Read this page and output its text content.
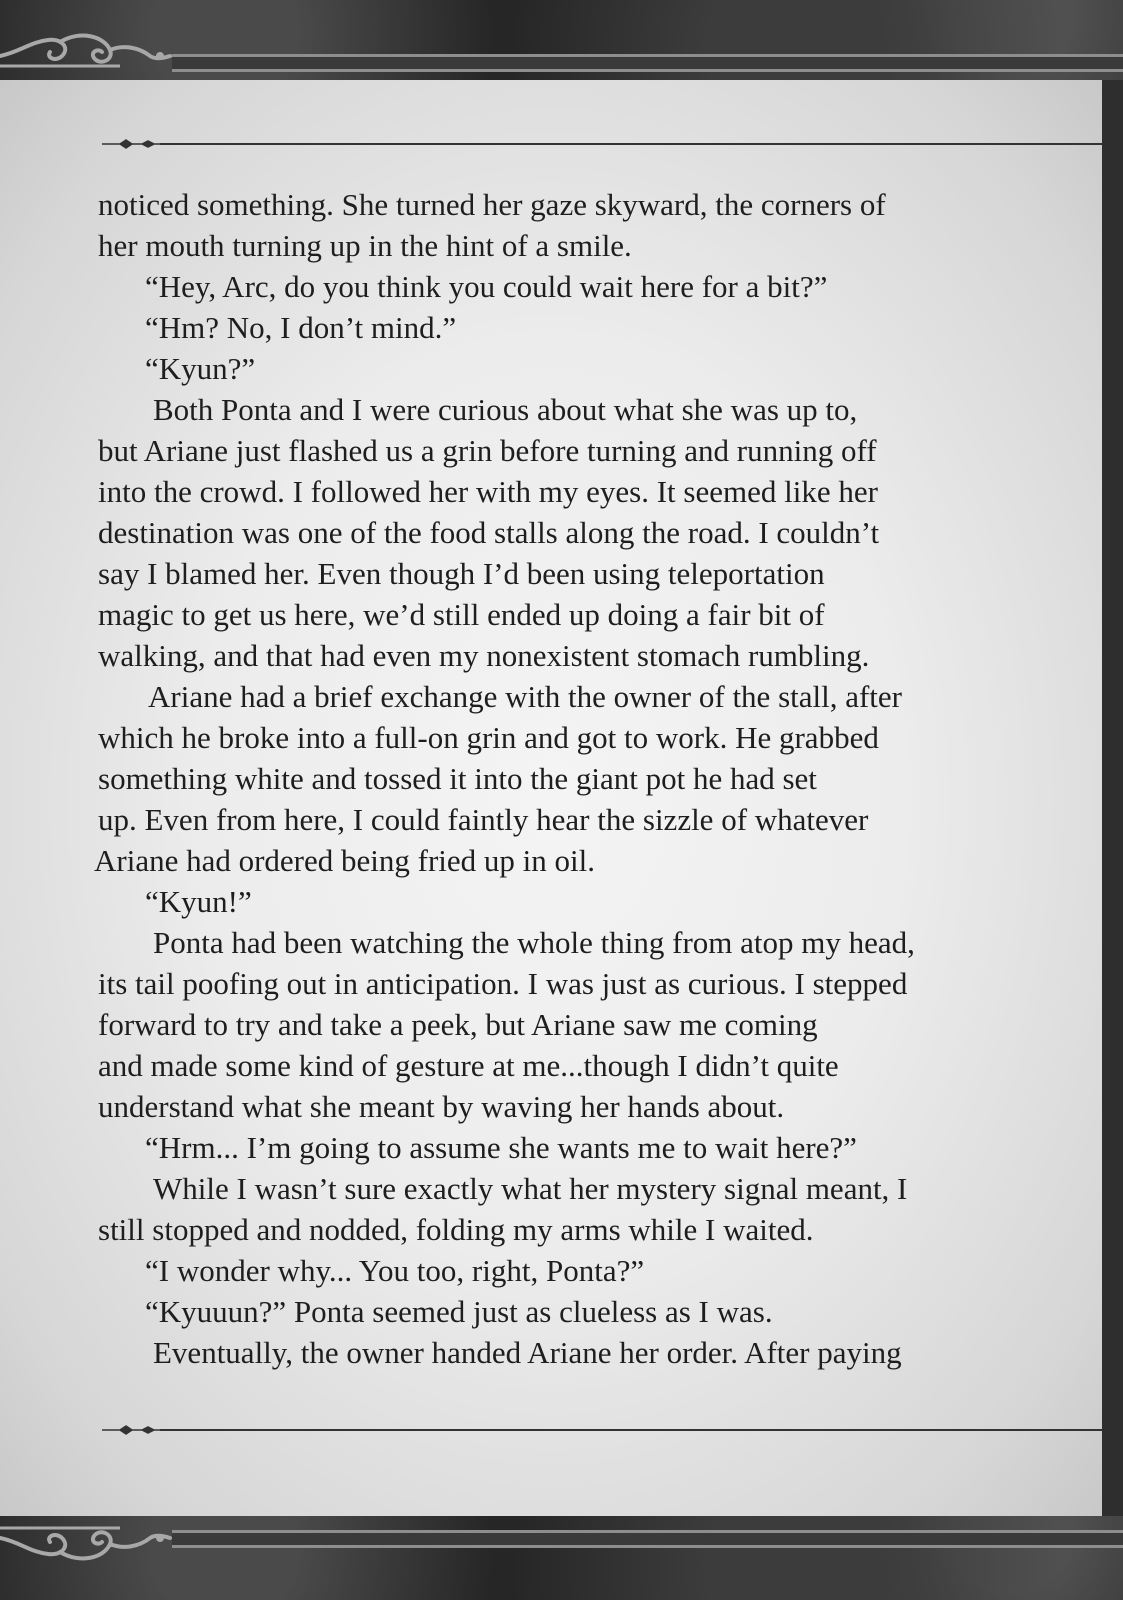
noticed something. She turned her gaze skyward, the corners of
her mouth turning up in the hint of a smile.
“Hey, Arc, do you think you could wait here for a bit?”
“Hm? No, I don’t mind.”
“Kyun?”
Both Ponta and I were curious about what she was up to,
but Ariane just flashed us a grin before turning and running off
into the crowd. I followed her with my eyes. It seemed like her
destination was one of the food stalls along the road. I couldn’t
say I blamed her. Even though I’d been using teleportation
magic to get us here, we’d still ended up doing a fair bit of
walking, and that had even my nonexistent stomach rumbling.
Ariane had a brief exchange with the owner of the stall, after
which he broke into a full-on grin and got to work. He grabbed
something white and tossed it into the giant pot he had set
up. Even from here, I could faintly hear the sizzle of whatever
Ariane had ordered being fried up in oil.
“Kyun!”
Ponta had been watching the whole thing from atop my head,
its tail poofing out in anticipation. I was just as curious. I stepped
forward to try and take a peek, but Ariane saw me coming
and made some kind of gesture at me...though I didn’t quite
understand what she meant by waving her hands about.
“Hrm... I’m going to assume she wants me to wait here?”
While I wasn’t sure exactly what her mystery signal meant, I
still stopped and nodded, folding my arms while I waited.
“I wonder why... You too, right, Ponta?”
“Kyuuun?” Ponta seemed just as clueless as I was.
Eventually, the owner handed Ariane her order. After paying
